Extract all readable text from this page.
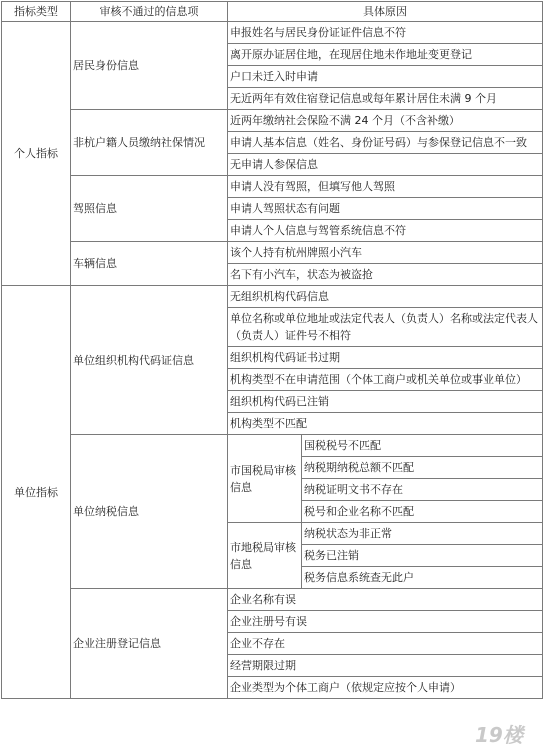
指标类型	审核不通过的信息项	具体原因	
个人指标	居民身份信息	申报姓名与居民身份证证件信息不符	
		离开原办证居住地，在现居住地未作地址变更登记	
		户口未迁入时申请	
		无近两年有效住宿登记信息或每年累计居住未满 9 个月	
	非杭户籍人员缴纳社保情况	近两年缴纳社会保险不满 24 个月（不含补缴）	
		申请人基本信息（姓名、身份证号码）与参保登记信息不一致	
		无申请人参保信息	
	驾照信息	申请人没有驾照，但填写他人驾照	
		申请人驾照状态有问题	
		申请人个人信息与驾管系统信息不符	
	车辆信息	该个人持有杭州牌照小汽车	
		名下有小汽车，状态为被盗抢	
单位指标	单位组织机构代码证信息	无组织机构代码信息	
		单位名称或单位地址或法定代表人（负责人）名称或法定代表人（负责人）证件号不相符	
		组织机构代码证书过期	
		机构类型不在申请范围（个体工商户或机关单位或事业单位）	
		组织机构代码已注销	
		机构类型不匹配	
	单位纳税信息	市国税局审核信息	国税税号不匹配
			纳税期纳税总额不匹配
			纳税证明文书不存在
			税号和企业名称不匹配
		市地税局审核信息	纳税状态为非正常
			税务已注销
			税务信息系统查无此户
	企业注册登记信息	企业名称有误	
		企业注册号有误	
		企业不存在	
		经营期限过期	
		企业类型为个体工商户（依规定应按个人申请）	
19楼
